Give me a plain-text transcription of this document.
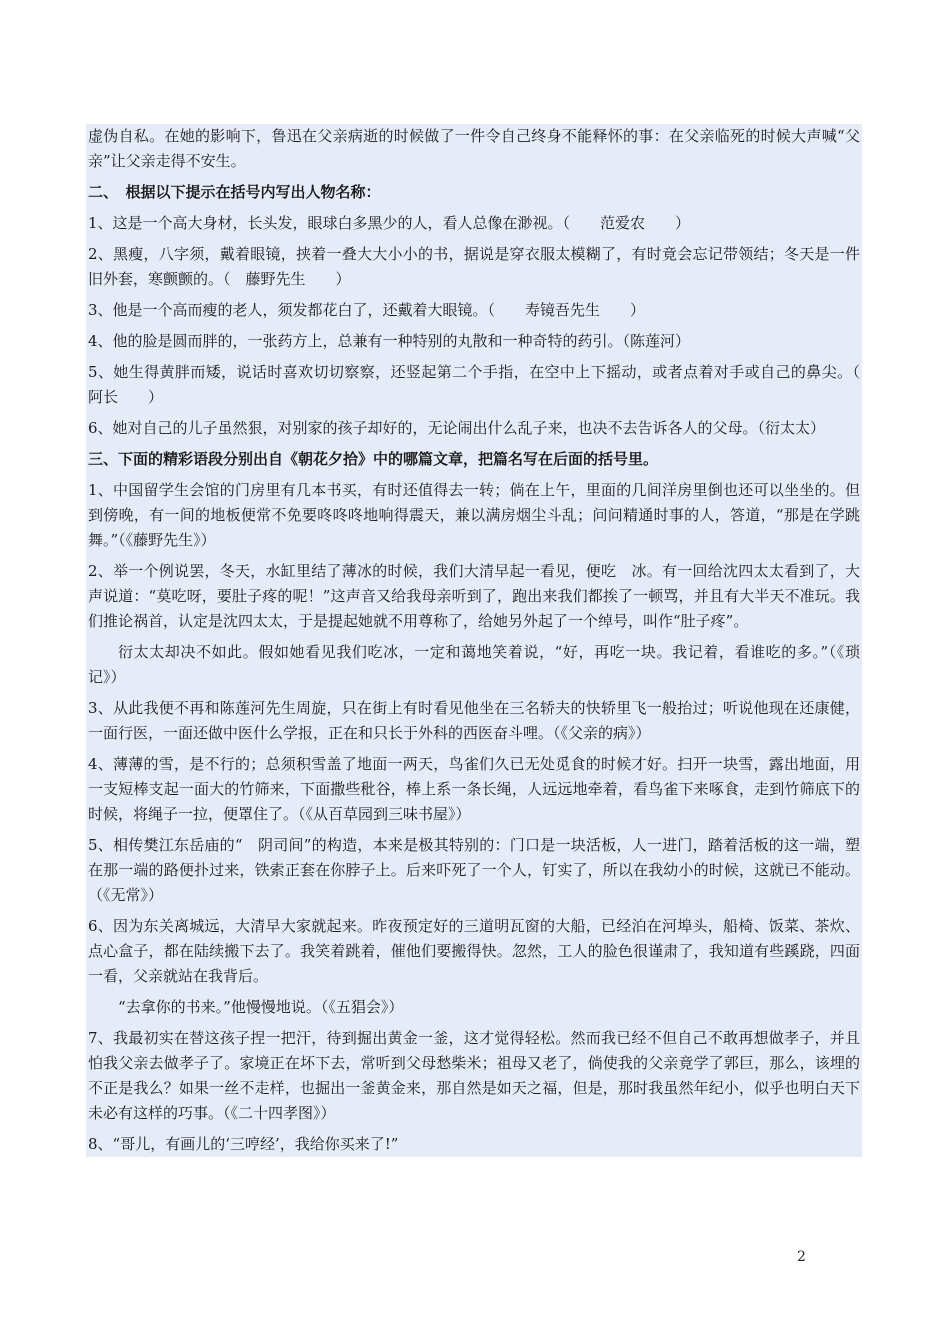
虚伪自私。在她的影响下，鲁迅在父亲病逝的时候做了一件令自己终身不能释怀的事：在父亲临死的时候大声喊“父亲”让父亲走得不安生。

二、　根据以下提示在括号内写出人物名称：

1、这是一个高大身材，长头发，眼球白多黑少的人，看人总像在渺视。（　　范爱农　　）

2、黑瘦，八字须，戴着眼镜，挟着一叠大大小小的书，据说是穿衣服太模糊了，有时竟会忘记带领结；冬天是一件旧外套，寒颤颤的。（　藤野先生　　）

3、他是一个高而瘦的老人，须发都花白了，还戴着大眼镜。（　　寿镜吾先生　　）

4、他的脸是圆而胖的，一张药方上，总兼有一种特别的丸散和一种奇特的药引。（陈莲河）

5、她生得黄胖而矮，说话时喜欢切切察察，还竖起第二个手指，在空中上下摇动，或者点着对手或自己的鼻尖。（　阿长　　）

6、她对自己的儿子虽然狠，对别家的孩子却好的，无论闹出什么乱子来，也决不去告诉各人的父母。（衍太太）

三、下面的精彩语段分别出自《朝花夕拾》中的哪篇文章，把篇名写在后面的括号里。

1、中国留学生会馆的门房里有几本书买，有时还值得去一转；倘在上午，里面的几间洋房里倒也还可以坐坐的。但到傍晚，有一间的地板便常不免要咚咚咚地响得震天，兼以满房烟尘斗乱；问问精通时事的人，答道，“那是在学跳舞。”（《藤野先生》）

2、举一个例说罢，冬天，水缸里结了薄冰的时候，我们大清早起一看见，便吃　冰。有一回给沈四太太看到了，大声说道：“莫吃呀，要肚子疼的呢！”这声音又给我母亲听到了，跑出来我们都挨了一顿骂，并且有大半天不准玩。我们推论祸首，认定是沈四太太，于是提起她就不用尊称了，给她另外起了一个绰号，叫作“肚子疼”。

衍太太却决不如此。假如她看见我们吃冰，一定和蔼地笑着说，“好，再吃一块。我记着，看谁吃的多。”（《琐记》）

3、从此我便不再和陈莲河先生周旋，只在街上有时看见他坐在三名轿夫的快轿里飞一般抬过；听说他现在还康健，一面行医，一面还做中医什么学报，正在和只长于外科的西医奋斗哩。（《父亲的病》）

4、薄薄的雪，是不行的；总须积雪盖了地面一两天，鸟雀们久已无处觅食的时候才好。扫开一块雪，露出地面，用一支短棒支起一面大的竹筛来，下面撒些秕谷，棒上系一条长绳，人远远地牵着，看鸟雀下来啄食，走到竹筛底下的时候，将绳子一拉，便罩住了。（《从百草园到三味书屋》）

5、相传樊江东岳庙的“　阴司间”的构造，本来是极其特别的：门口是一块活板，人一进门，踏着活板的这一端，塑在那一端的路便扑过来，铁索正套在你脖子上。后来吓死了一个人，钉实了，所以在我幼小的时候，这就已不能动。（《无常》）

6、因为东关离城远，大清早大家就起来。昨夜预定好的三道明瓦窗的大船，已经泊在河埠头，船椅、饭菜、茶炊、点心盒子，都在陆续搬下去了。我笑着跳着，催他们要搬得快。忽然，工人的脸色很谨肃了，我知道有些蹊跷，四面一看，父亲就站在我背后。

“去拿你的书来。”他慢慢地说。（《五猖会》）

7、我最初实在替这孩子捏一把汗，待到掘出黄金一釜，这才觉得轻松。然而我已经不但自己不敢再想做孝子，并且怕我父亲去做孝子了。家境正在坏下去，常听到父母愁柴米；祖母又老了，倘使我的父亲竟学了郭巨，那么，该埋的不正是我么？如果一丝不走样，也掘出一釜黄金来，那自然是如天之福，但是，那时我虽然年纪小，似乎也明白天下未必有这样的巧事。（《二十四孝图》）

8、“哥儿，有画儿的‘三哼经’，我给你买来了!”

2
